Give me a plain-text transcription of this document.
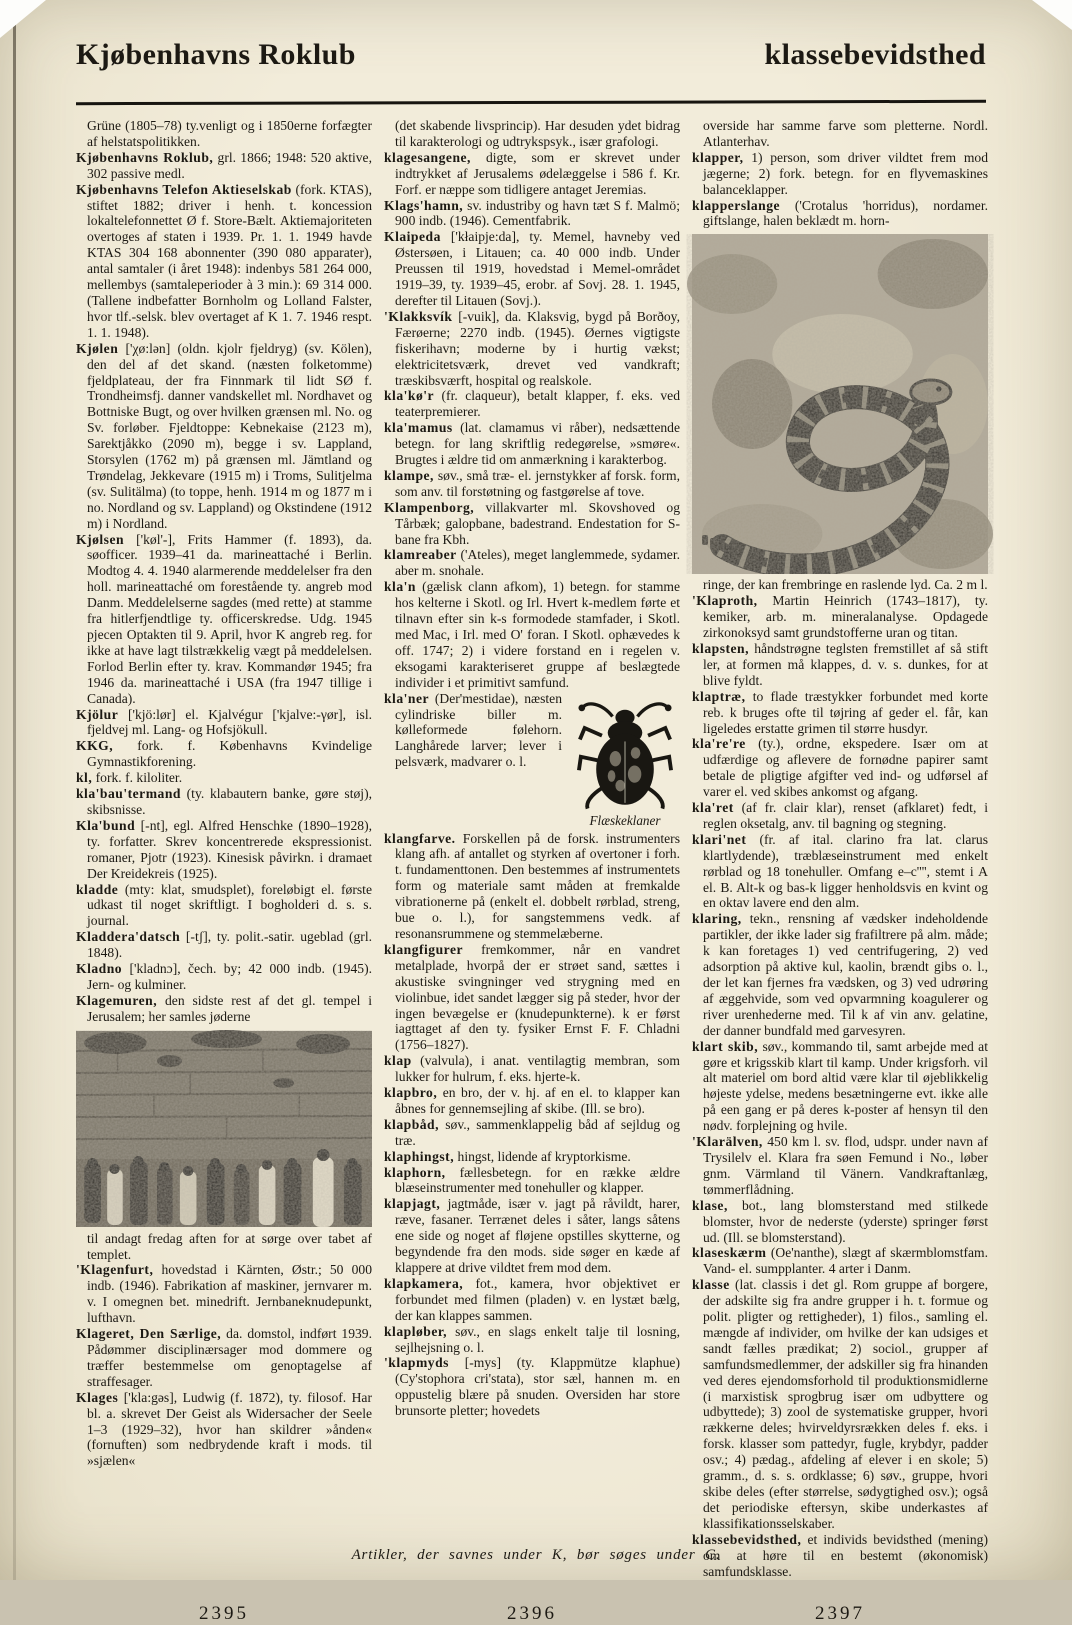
Kjøbenhavns Roklub	klassebevidsthed

Grüne (1805–78) ty.venligt og i 1850erne forfægter af helstatspolitikken.

Kjøbenhavns Roklub, grl. 1866; 1948: 520 aktive, 302 passive medl.

Kjøbenhavns Telefon Aktieselskab (fork. KTAS), stiftet 1882; driver i henh. t. koncession lokaltelefonnettet Ø f. Store-Bælt. Aktiemajoriteten overtoges af staten i 1939. Pr. 1. 1. 1949 havde KTAS 304 168 abonnenter (390 080 apparater), antal samtaler (i året 1948): indenbys 581 264 000, mellembys (samtaleperioder à 3 min.): 69 314 000. (Tallene indbefatter Bornholm og Lolland Falster, hvor tlf.-selsk. blev overtaget af K 1. 7. 1946 respt. 1. 1. 1948).

Kjølen ['χø:lən] (oldn. kjolr fjeldryg) (sv. Kölen), den del af det skand. (næsten folketomme) fjeldplateau, der fra Finnmark til lidt SØ f. Trondheimsfj. danner vandskellet ml. Nordhavet og Bottniske Bugt, og over hvilken grænsen ml. No. og Sv. forløber. Fjeldtoppe: Kebnekaise (2123 m), Sarektjåkko (2090 m), begge i sv. Lappland, Storsylen (1762 m) på grænsen ml. Jämtland og Trøndelag, Jekkevare (1915 m) i Troms, Sulitjelma (sv. Sulitälma) (to toppe, henh. 1914 m og 1877 m i no. Nordland og sv. Lappland) og Okstindene (1912 m) i Nordland.

Kjølsen ['køl'-], Frits Hammer (f. 1893), da. søofficer. 1939–41 da. marineattaché i Berlin. Modtog 4. 4. 1940 alarmerende meddelelser fra den holl. marineattaché om forestående ty. angreb mod Danm. Meddelelserne sagdes (med rette) at stamme fra hitlerfjendtlige ty. officerskredse. Udg. 1945 pjecen Optakten til 9. April, hvor K angreb reg. for ikke at have lagt tilstrækkelig vægt på meddelelsen. Forlod Berlin efter ty. krav. Kommandør 1945; fra 1946 da. marineattaché i USA (fra 1947 tillige i Canada).

Kjölur ['kjö:lør] el. Kjalvégur ['kjalve:-γør], isl. fjeldvej ml. Lang- og Hofsjökull.

KKG, fork. f. Københavns Kvindelige Gymnastikforening.

kl, fork. f. kiloliter.

kla'bau'termand (ty. klabautern banke, gøre støj), skibsnisse.

Kla'bund [-nt], egl. Alfred Henschke (1890–1928), ty. forfatter. Skrev koncentrerede ekspressionist. romaner, Pjotr (1923). Kinesisk påvirkn. i dramaet Der Kreidekreis (1925).

kladde (mty: klat, smudsplet), foreløbigt el. første udkast til noget skriftligt. I bogholderi d. s. s. journal.

Kladdera'datsch [-tʃ], ty. polit.-satir. ugeblad (grl. 1848).

Kladno ['kladnɔ], čech. by; 42 000 indb. (1945). Jern- og kulminer.

Klagemuren, den sidste rest af det gl. tempel i Jerusalem; her samles jøderne

til andagt fredag aften for at sørge over tabet af templet.

'Klagenfurt, hovedstad i Kärnten, Østr.; 50 000 indb. (1946). Fabrikation af maskiner, jernvarer m. v. I omegnen bet. minedrift. Jernbaneknudepunkt, lufthavn.

Klageret, Den Særlige, da. domstol, indført 1939. Pådømmer disciplinærsager mod dommere og træffer bestemmelse om genoptagelse af straffesager.

Klages ['kla:gəs], Ludwig (f. 1872), ty. filosof. Har bl. a. skrevet Der Geist als Widersacher der Seele 1–3 (1929–32), hvor han skildrer »ånden« (fornuften) som nedbrydende kraft i mods. til »sjælen«

2395

(det skabende livsprincip). Har desuden ydet bidrag til karakterologi og udtrykspsyk., især grafologi.

klagesangene, digte, som er skrevet under indtrykket af Jerusalems ødelæggelse i 586 f. Kr. Forf. er næppe som tidligere antaget Jeremias.

Klags'hamn, sv. industriby og havn tæt S f. Malmö; 900 indb. (1946). Cementfabrik.

Klaipeda ['kłaipje:da], ty. Memel, havneby ved Østersøen, i Litauen; ca. 40 000 indb. Under Preussen til 1919, hovedstad i Memel-området 1919–39, ty. 1939–45, erobr. af Sovj. 28. 1. 1945, derefter til Litauen (Sovj.).

'Klakksvík [-vuik], da. Klaksvig, bygd på Borðoy, Færøerne; 2270 indb. (1945). Øernes vigtigste fiskerihavn; moderne by i hurtig vækst; elektricitetsværk, drevet ved vandkraft; træskibsværft, hospital og realskole.

kla'kø'r (fr. claqueur), betalt klapper, f. eks. ved teaterpremierer.

kla'mamus (lat. clamamus vi råber), nedsættende betegn. for lang skriftlig redegørelse, »smøre«. Brugtes i ældre tid om anmærkning i karakterbog.

klampe, søv., små træ- el. jernstykker af forsk. form, som anv. til forstøtning og fastgørelse af tove.

Klampenborg, villakvarter ml. Skovshoved og Tårbæk; galopbane, badestrand. Endestation for S-bane fra Kbh.

klamreaber ('Ateles), meget langlemmede, sydamer. aber m. snohale.

kla'n (gælisk clann afkom), 1) betegn. for stamme hos kelterne i Skotl. og Irl. Hvert k-medlem førte et tilnavn efter sin k-s formodede stamfader, i Skotl. med Mac, i Irl. med O' foran. I Skotl. ophævedes k off. 1747; 2) i videre forstand en i regelen v. eksogami karakteriseret gruppe af beslægtede individer i et primitivt samfund.

Flæskeklaner
kla'ner (Der'mestidae), næsten cylindriske biller m. kølleformede følehorn. Langhårede larver; lever i pelsværk, madvarer o. l.

klangfarve. Forskellen på de forsk. instrumenters klang afh. af antallet og styrken af overtoner i forh. t. fundamenttonen. Den bestemmes af instrumentets form og materiale samt måden at fremkalde vibrationerne på (enkelt el. dobbelt rørblad, streng, bue o. l.), for sangstemmens vedk. af resonansrummene og stemmelæberne.

klangfigurer fremkommer, når en vandret metalplade, hvorpå der er strøet sand, sættes i akustiske svingninger ved strygning med en violinbue, idet sandet lægger sig på steder, hvor der ingen bevægelse er (knudepunkterne). k er først iagttaget af den ty. fysiker Ernst F. F. Chladni (1756–1827).

klap (valvula), i anat. ventilagtig membran, som lukker for hulrum, f. eks. hjerte-k.

klapbro, en bro, der v. hj. af en el. to klapper kan åbnes for gennemsejling af skibe. (Ill. se bro).

klapbåd, søv., sammenklappelig båd af sejldug og træ.

klaphingst, hingst, lidende af kryptorkisme.

klaphorn, fællesbetegn. for en række ældre blæseinstrumenter med tonehuller og klapper.

klapjagt, jagtmåde, især v. jagt på råvildt, harer, ræve, fasaner. Terrænet deles i såter, langs såtens ene side og noget af fløjene opstilles skytterne, og begyndende fra den mods. side søger en kæde af klappere at drive vildtet frem mod dem.

klapkamera, fot., kamera, hvor objektivet er forbundet med filmen (pladen) v. en lystæt bælg, der kan klappes sammen.

klapløber, søv., en slags enkelt talje til losning, sejlhejsning o. l.

'klapmyds [-mys] (ty. Klappmütze klaphue) (Cy'stophora cri'stata), stor sæl, hannen m. en oppustelig blære på snuden. Oversiden har store brunsorte pletter; hovedets

2396

overside har samme farve som pletterne. Nordl. Atlanterhav.

klapper, 1) person, som driver vildtet frem mod jægerne; 2) fork. betegn. for en flyvemaskines balanceklapper.

klapperslange ('Crotalus 'horridus), nordamer. giftslange, halen beklædt m. horn-

ringe, der kan frembringe en raslende lyd. Ca. 2 m l.

'Klaproth, Martin Heinrich (1743–1817), ty. kemiker, arb. m. mineralanalyse. Opdagede zirkonoksyd samt grundstofferne uran og titan.

klapsten, håndstrøgne teglsten fremstillet af så stift ler, at formen må klappes, d. v. s. dunkes, for at blive fyldt.

klaptræ, to flade træstykker forbundet med korte reb. k bruges ofte til tøjring af geder el. får, kan ligeledes erstatte grimen til større husdyr.

kla're're (ty.), ordne, ekspedere. Især om at udfærdige og aflevere de fornødne papirer samt betale de pligtige afgifter ved ind- og udførsel af varer el. ved skibes ankomst og afgang.

kla'ret (af fr. clair klar), renset (afklaret) fedt, i reglen oksetalg, anv. til bagning og stegning.

klari'net (fr. af ital. clarino fra lat. clarus klartlydende), træblæseinstrument med enkelt rørblad og 18 tonehuller. Omfang e–c'''', stemt i A el. B. Alt-k og bas-k ligger henholdsvis en kvint og en oktav lavere end den alm.

klaring, tekn., rensning af vædsker indeholdende partikler, der ikke lader sig frafiltrere på alm. måde; k kan foretages 1) ved centrifugering, 2) ved adsorption på aktive kul, kaolin, brændt gibs o. l., der let kan fjernes fra vædsken, og 3) ved udrøring af æggehvide, som ved opvarmning koagulerer og river urenhederne med. Til k af vin anv. gelatine, der danner bundfald med garvesyren.

klart skib, søv., kommando til, samt arbejde med at gøre et krigsskib klart til kamp. Under krigsforh. vil alt materiel om bord altid være klar til øjeblikkelig højeste ydelse, medens besætningerne evt. ikke alle på een gang er på deres k-poster af hensyn til den nødv. forplejning og hvile.

'Klarälven, 450 km l. sv. flod, udspr. under navn af Trysilelv el. Klara fra søen Femund i No., løber gnm. Värmland til Vänern. Vandkraftanlæg, tømmerflådning.

klase, bot., lang blomsterstand med stilkede blomster, hvor de nederste (yderste) springer først ud. (Ill. se blomsterstand).

klaseskærm (Oe'nanthe), slægt af skærmblomstfam. Vand- el. sumpplanter. 4 arter i Danm.

klasse (lat. classis i det gl. Rom gruppe af borgere, der adskilte sig fra andre grupper i h. t. formue og polit. pligter og rettigheder), 1) filos., samling el. mængde af individer, om hvilke der kan udsiges et sandt fælles prædikat; 2) sociol., grupper af samfundsmedlemmer, der adskiller sig fra hinanden ved deres ejendomsforhold til produktionsmidlerne (i marxistisk sprogbrug især om udbyttere og udbyttede); 3) zool de systematiske grupper, hvori rækkerne deles; hvirveldyrsrækken deles f. eks. i forsk. klasser som pattedyr, fugle, krybdyr, padder osv.; 4) pædag., afdeling af elever i en skole; 5) gramm., d. s. s. ordklasse; 6) søv., gruppe, hvori skibe deles (efter størrelse, sødygtighed osv.); også det periodiske eftersyn, skibe underkastes af klassifikationsselskaber.

klassebevidsthed, et individs bevidsthed (mening) om at høre til en bestemt (økonomisk) samfundsklasse.

2397
Artikler, der savnes under K, bør søges under C.
